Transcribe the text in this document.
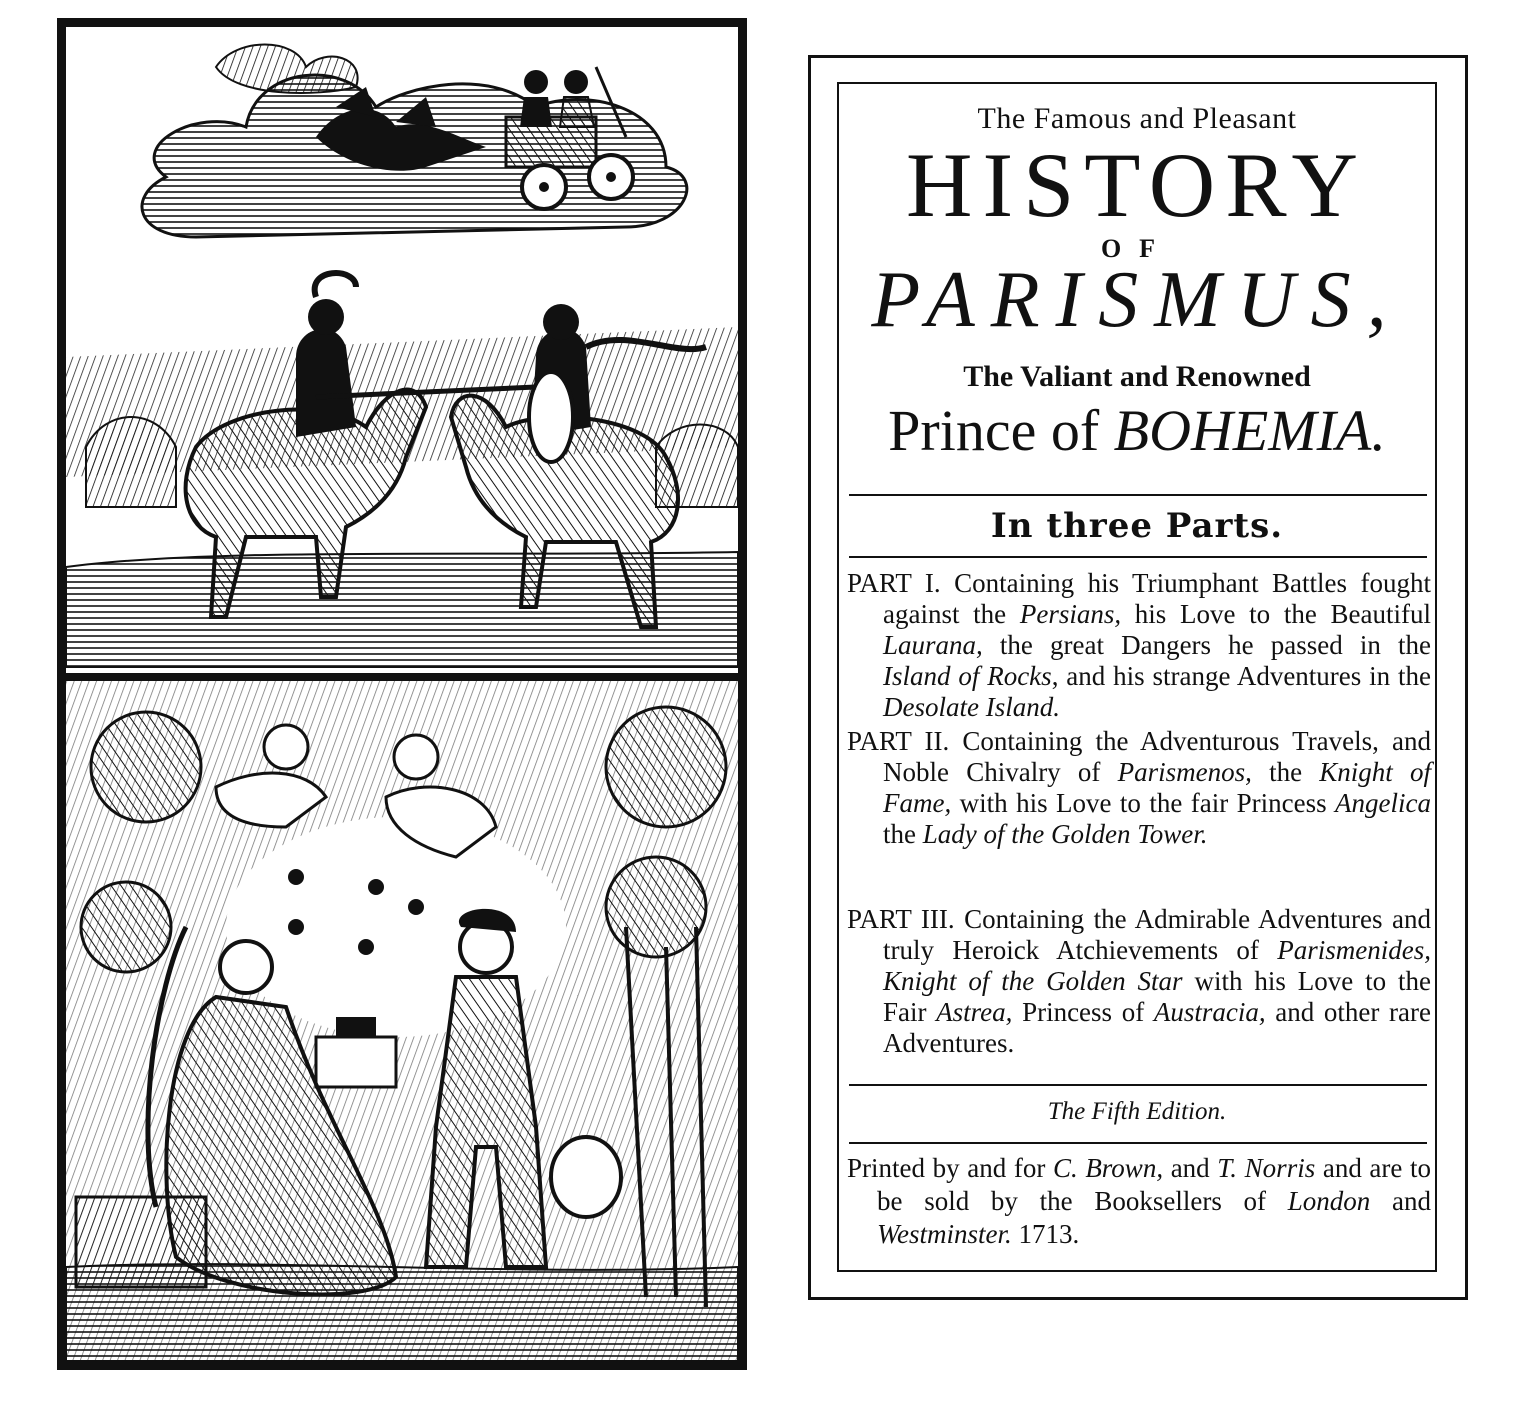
The Famous and Pleasant
HISTORY
OF
PARISMUS,
The Valiant and Renowned
Prince of BOHEMIA.
In three Parts.
PART I. Containing his Triumphant Battles fought against the Persians, his Love to the Beautiful Laurana, the great Dangers he passed in the Island of Rocks, and his strange Adventures in the Desolate Island.
PART II. Containing the Adventurous Travels, and Noble Chivalry of Parismenos, the Knight of Fame, with his Love to the fair Princess Angelica the Lady of the Golden Tower.
PART III. Containing the Admirable Adventures and truly Heroick Atchievements of Parismenides, Knight of the Golden Star with his Love to the Fair Astrea, Princess of Austracia, and other rare Adventures.
The Fifth Edition.
Printed by and for C. Brown, and T. Norris and are to be sold by the Booksellers of London and Westminster. 1713.
